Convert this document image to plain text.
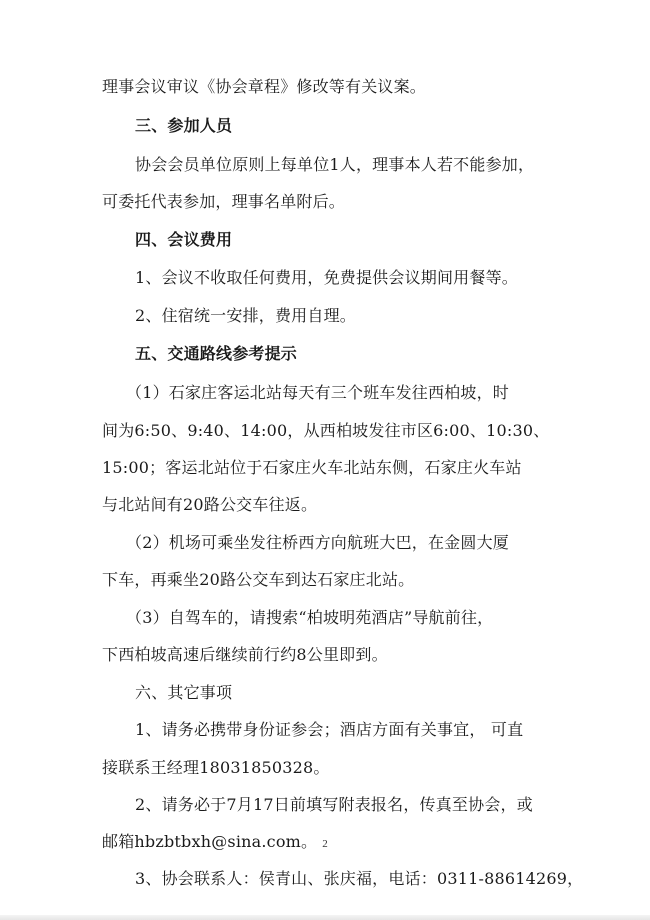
理事会议审议《协会章程》修改等有关议案。
三、参加人员
协会会员单位原则上每单位1人，理事本人若不能参加，
可委托代表参加，理事名单附后。
四、会议费用
1、会议不收取任何费用，免费提供会议期间用餐等。
2、住宿统一安排，费用自理。
五、交通路线参考提示
（1）石家庄客运北站每天有三个班车发往西柏坡，时
间为6:50、9:40、14:00，从西柏坡发往市区6:00、10:30、
15:00；客运北站位于石家庄火车北站东侧，石家庄火车站
与北站间有20路公交车往返。
（2）机场可乘坐发往桥西方向航班大巴，在金圆大厦
下车，再乘坐20路公交车到达石家庄北站。
（3）自驾车的，请搜索“柏坡明苑酒店”导航前往，
下西柏坡高速后继续前行约8公里即到。
六、其它事项
1、请务必携带身份证参会；酒店方面有关事宜， 可直
接联系王经理18031850328。
2、请务必于7月17日前填写附表报名，传真至协会，或
邮箱hbzbtbxh@sina.com。
3、协会联系人：侯青山、张庆福，电话：0311-88614269，
2
